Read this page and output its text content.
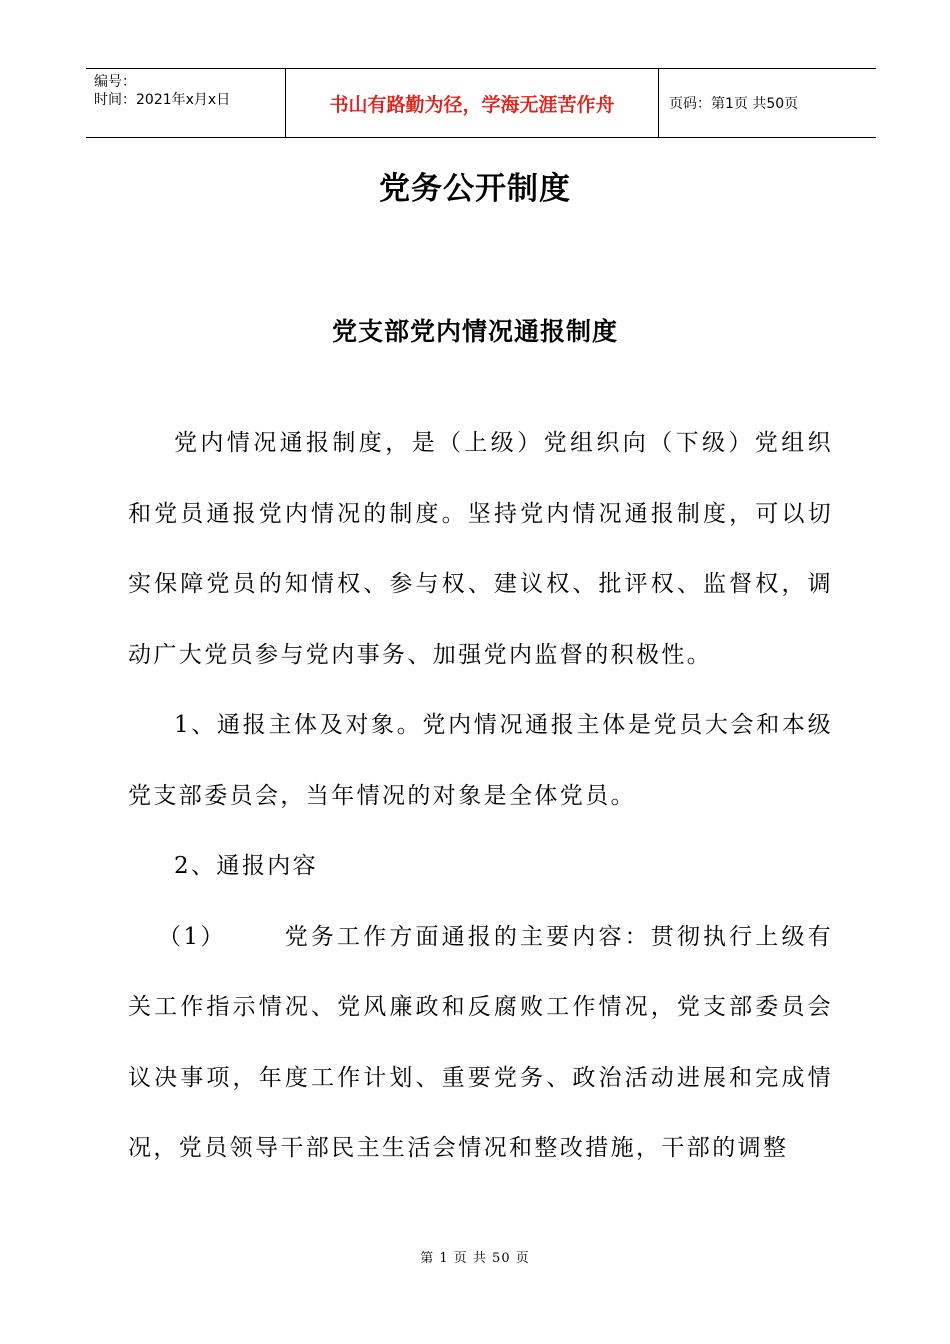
编号：
时间：2021年x月x日	书山有路勤为径，学海无涯苦作舟	页码：第1页 共50页
党务公开制度
党支部党内情况通报制度

党内情况通报制度，是（上级）党组织向（下级）党组织和党员通报党内情况的制度。坚持党内情况通报制度，可以切实保障党员的知情权、参与权、建议权、批评权、监督权，调动广大党员参与党内事务、加强党内监督的积极性。

1、通报主体及对象。党内情况通报主体是党员大会和本级党支部委员会，当年情况的对象是全体党员。

2、通报内容

（1）	党务工作方面通报的主要内容：贯彻执行上级有关工作指示情况、党风廉政和反腐败工作情况，党支部委员会议决事项，年度工作计划、重要党务、政治活动进展和完成情况，党员领导干部民主生活会情况和整改措施，干部的调整

第 1 页 共 50 页
